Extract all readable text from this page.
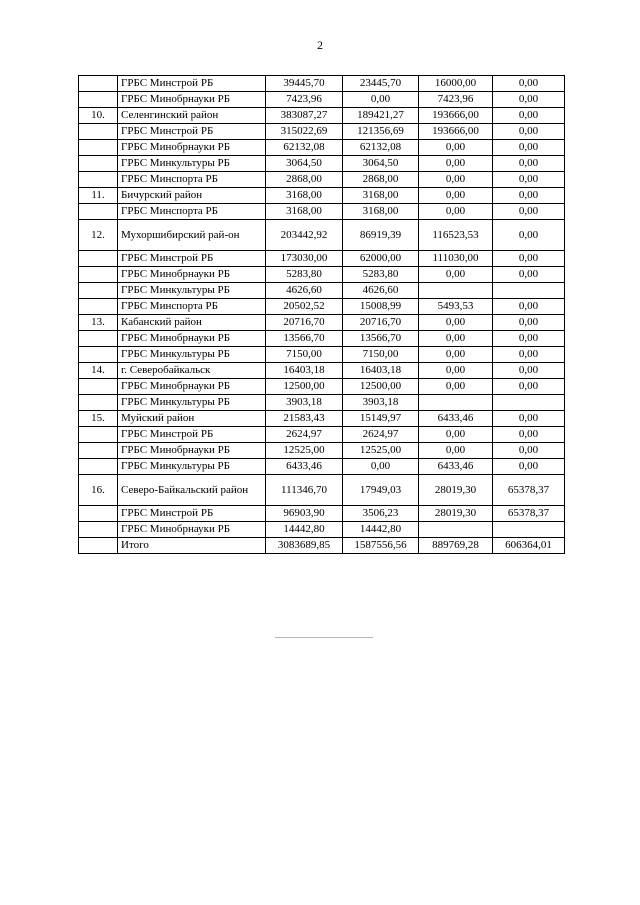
2
	ГРБС Минстрой РБ	39445,70	23445,70	16000,00	0,00
	ГРБС Минобрнауки РБ	7423,96	0,00	7423,96	0,00
10.	Селенгинский район	383087,27	189421,27	193666,00	0,00
	ГРБС Минстрой РБ	315022,69	121356,69	193666,00	0,00
	ГРБС Минобрнауки РБ	62132,08	62132,08	0,00	0,00
	ГРБС Минкультуры РБ	3064,50	3064,50	0,00	0,00
	ГРБС Минспорта РБ	2868,00	2868,00	0,00	0,00
11.	Бичурский район	3168,00	3168,00	0,00	0,00
	ГРБС Минспорта РБ	3168,00	3168,00	0,00	0,00
12.	Мухоршибирский рай-он	203442,92	86919,39	116523,53	0,00
	ГРБС Минстрой РБ	173030,00	62000,00	111030,00	0,00
	ГРБС Минобрнауки РБ	5283,80	5283,80	0,00	0,00
	ГРБС Минкультуры РБ	4626,60	4626,60		
	ГРБС Минспорта РБ	20502,52	15008,99	5493,53	0,00
13.	Кабанский район	20716,70	20716,70	0,00	0,00
	ГРБС Минобрнауки РБ	13566,70	13566,70	0,00	0,00
	ГРБС Минкультуры РБ	7150,00	7150,00	0,00	0,00
14.	г. Северобайкальск	16403,18	16403,18	0,00	0,00
	ГРБС Минобрнауки РБ	12500,00	12500,00	0,00	0,00
	ГРБС Минкультуры РБ	3903,18	3903,18		
15.	Муйский район	21583,43	15149,97	6433,46	0,00
	ГРБС Минстрой РБ	2624,97	2624,97	0,00	0,00
	ГРБС Минобрнауки РБ	12525,00	12525,00	0,00	0,00
	ГРБС Минкультуры РБ	6433,46	0,00	6433,46	0,00
16.	Северо-Байкальский район	111346,70	17949,03	28019,30	65378,37
	ГРБС Минстрой РБ	96903,90	3506,23	28019,30	65378,37
	ГРБС Минобрнауки РБ	14442,80	14442,80		
	Итого	3083689,85	1587556,56	889769,28	606364,01
